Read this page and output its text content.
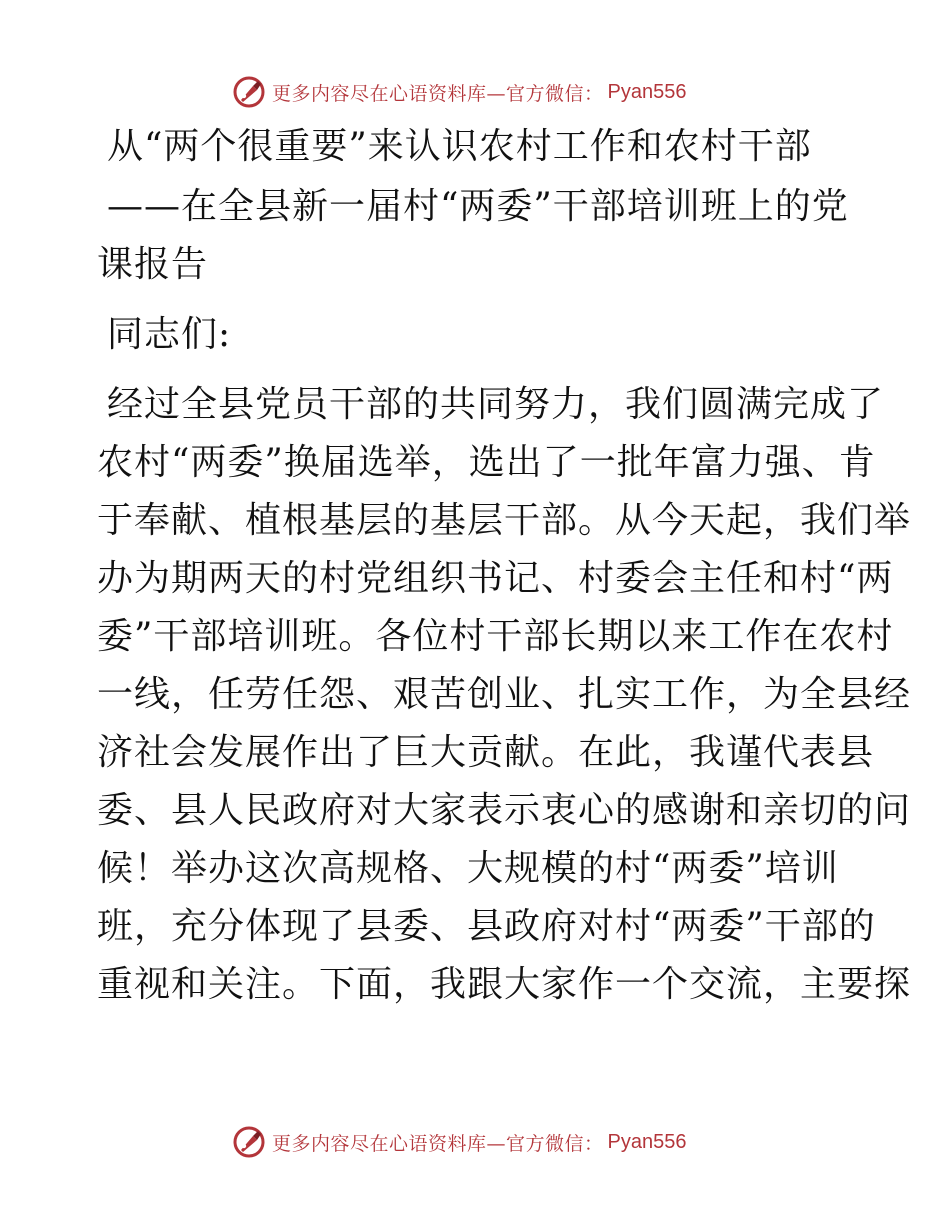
更多内容尽在心语资料库—官方微信： Pyan556
从“两个很重要”来认识农村工作和农村干部
——在全县新一届村“两委”干部培训班上的党
课报告
同志们:
经过全县党员干部的共同努力，我们圆满完成了
农村“两委”换届选举，选出了一批年富力强、肯
于奉献、植根基层的基层干部。从今天起，我们举
办为期两天的村党组织书记、村委会主任和村“两
委”干部培训班。各位村干部长期以来工作在农村
一线，任劳任怨、艰苦创业、扎实工作，为全县经
济社会发展作出了巨大贡献。在此，我谨代表县
委、县人民政府对大家表示衷心的感谢和亲切的问
候！举办这次高规格、大规模的村“两委”培训
班，充分体现了县委、县政府对村“两委”干部的
重视和关注。下面，我跟大家作一个交流，主要探
更多内容尽在心语资料库—官方微信： Pyan556
